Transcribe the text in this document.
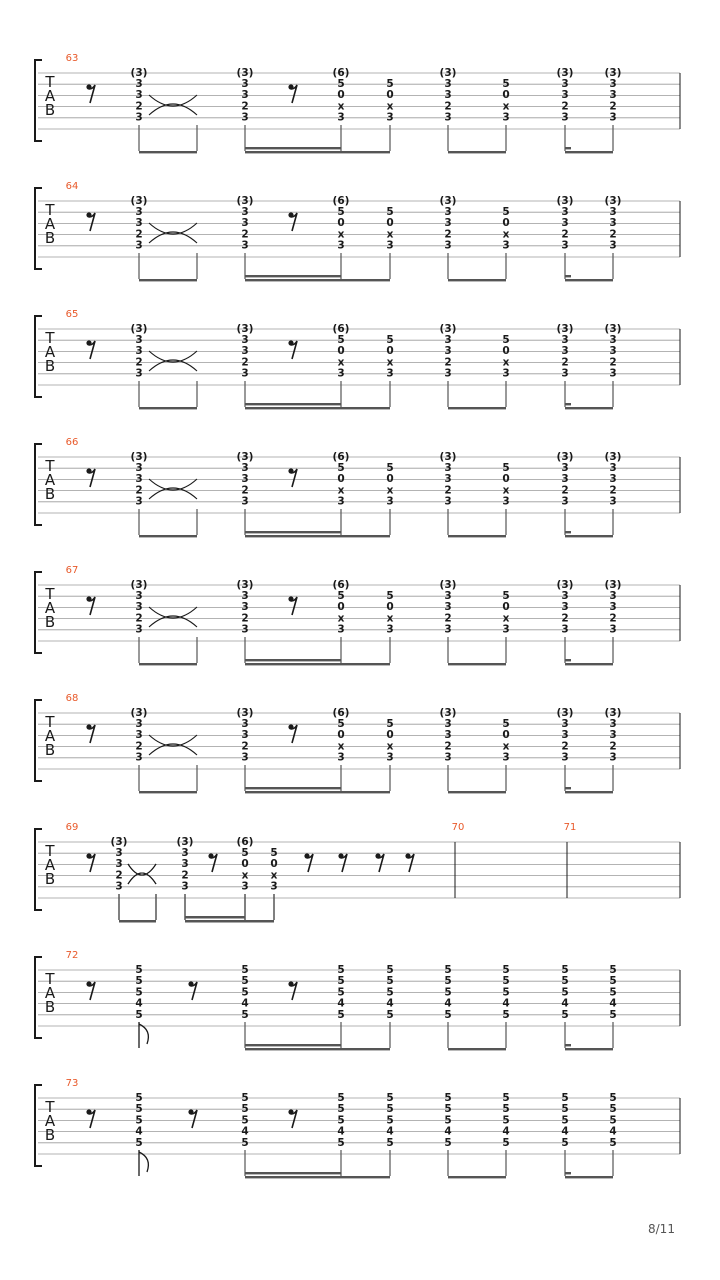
T
A
B
63
(3)
3
3
2
3
(3)
3
3
2
3
(6)
5
0
x
3
5
0
x
3
(3)
3
3
2
3
5
0
x
3
(3)
3
3
2
3
(3)
3
3
2
3
T
A
B
64
(3)
3
3
2
3
(3)
3
3
2
3
(6)
5
0
x
3
5
0
x
3
(3)
3
3
2
3
5
0
x
3
(3)
3
3
2
3
(3)
3
3
2
3
T
A
B
65
(3)
3
3
2
3
(3)
3
3
2
3
(6)
5
0
x
3
5
0
x
3
(3)
3
3
2
3
5
0
x
3
(3)
3
3
2
3
(3)
3
3
2
3
T
A
B
66
(3)
3
3
2
3
(3)
3
3
2
3
(6)
5
0
x
3
5
0
x
3
(3)
3
3
2
3
5
0
x
3
(3)
3
3
2
3
(3)
3
3
2
3
T
A
B
67
(3)
3
3
2
3
(3)
3
3
2
3
(6)
5
0
x
3
5
0
x
3
(3)
3
3
2
3
5
0
x
3
(3)
3
3
2
3
(3)
3
3
2
3
T
A
B
68
(3)
3
3
2
3
(3)
3
3
2
3
(6)
5
0
x
3
5
0
x
3
(3)
3
3
2
3
5
0
x
3
(3)
3
3
2
3
(3)
3
3
2
3
T
A
B
69
(3)
3
3
2
3
(3)
3
3
2
3
(6)
5
0
x
3
5
0
x
3
70	71
T
A
B
72
5
5
5
4
5
5
5
5
4
5
5
5
5
4
5
5
5
5
4
5
5
5
5
4
5
5
5
5
4
5
5
5
5
4
5
5
5
5
4
5
T
A
B
73
5
5
5
4
5
5
5
5
4
5
5
5
5
4
5
5
5
5
4
5
5
5
5
4
5
5
5
5
4
5
5
5
5
4
5
5
5
5
4
5
8/11
